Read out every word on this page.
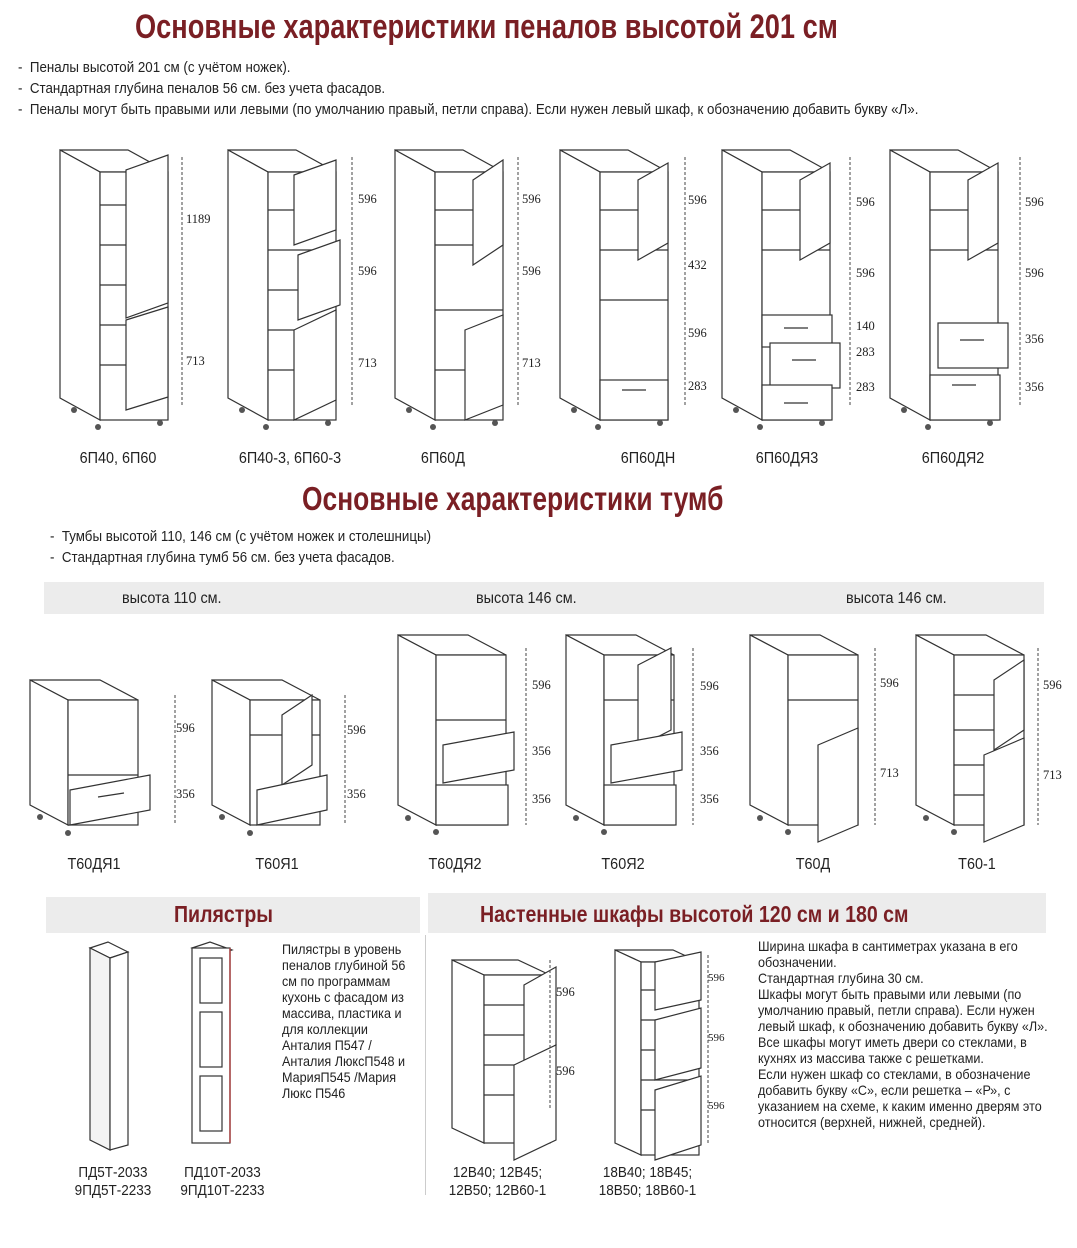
Основные характеристики пеналов высотой 201 см
-  Пеналы высотой 201 см (с учётом ножек).
-  Стандартная глубина пеналов 56 см. без учета фасадов.
-  Пеналы могут быть правыми или левыми (по умолчанию правый, петли справа). Если нужен левый шкаф, к обозначению добавить букву «Л».
1189
713
596
596
713
596
596
713
596
432
596
283
596
596
140
283
283
596
596
356
356
6П40, 6П60	6П40-3, 6П60-3	6П60Д	6П60ДН	6П60ДЯ3	6П60ДЯ2
Основные характеристики тумб
-  Тумбы высотой 110, 146 см (с учётом ножек и столешницы)
-  Стандартная глубина тумб 56 см. без учета фасадов.
высота 110 см.	высота 146 см.	высота 146 см.
596
356
596
356
596
356
356
596
356
356
596
713
596
713
Т60ДЯ1	Т60Я1	Т60ДЯ2	Т60Я2	Т60Д	Т60-1
Пилястры	Настенные шкафы высотой 120 см и 180 см
Пилястры в уровень пеналов глубиной 56 см по программам кухонь с фасадом из массива, пластика и для коллекции Анталия П547 /Анталия ЛюксП548 и МарияП545 /Мария Люкс П546
ПД5Т-2033
9ПД5Т-2233
ПД10Т-2033
9ПД10Т-2233
596
596
596
596
596
12В40; 12В45;
12В50; 12В60-1
18В40; 18В45;
18В50; 18В60-1
Ширина шкафа в сантиметрах указана в его обозначении.
Стандартная глубина 30 см.
Шкафы могут быть правыми или левыми (по умолчанию правый, петли справа). Если нужен левый шкаф, к обозначению добавить букву «Л».
Все шкафы могут иметь двери со стеклами, в кухнях из массива также с решетками.
Если нужен шкаф со стеклами, в обозначение добавить букву «С», если решетка – «Р», с указанием на схеме, к каким именно дверям это относится (верхней, нижней, средней).
